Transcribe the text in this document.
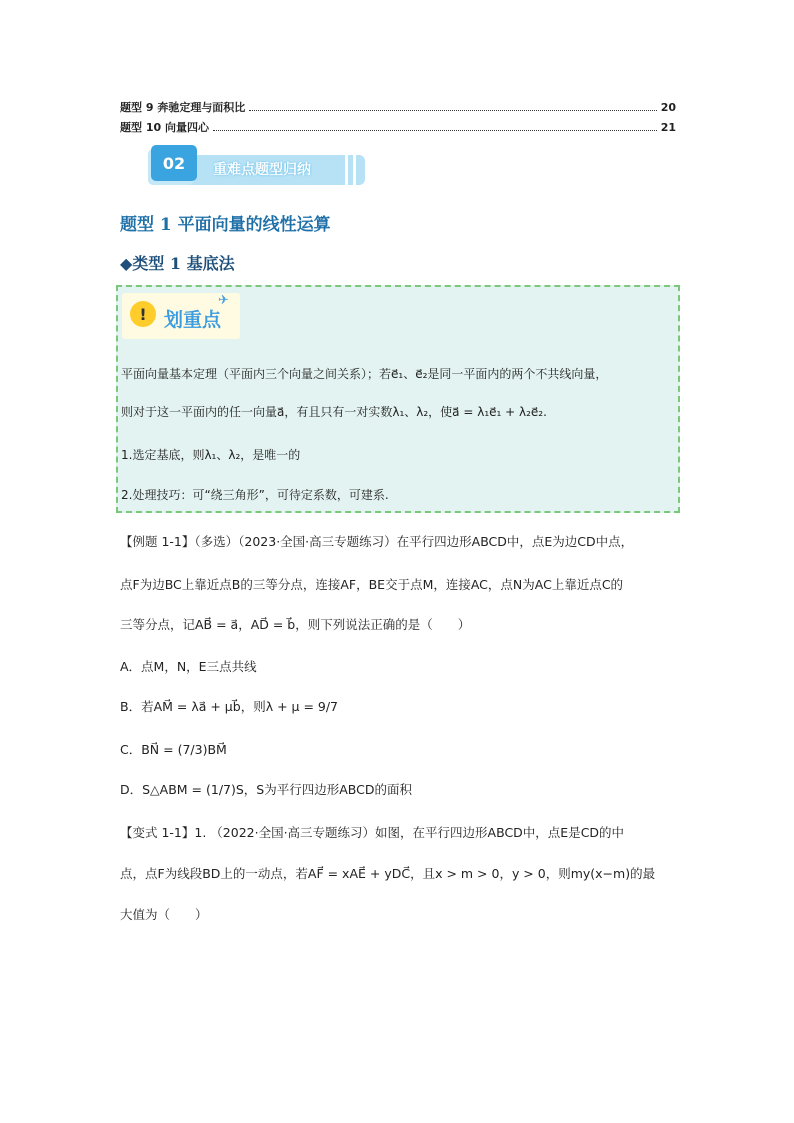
题型 9 奔驰定理与面积比	20
题型 10 向量四心	21
02	重难点题型归纳
题型 1 平面向量的线性运算
◆类型 1 基底法
! 划重点
✈
平面向量基本定理（平面内三个向量之间关系）；若e⃗₁、e⃗₂是同一平面内的两个不共线向量，
则对于这一平面内的任一向量a⃗，有且只有一对实数λ₁、λ₂，使a⃗ = λ₁e⃗₁ + λ₂e⃗₂.
1.选定基底，则λ₁、λ₂，是唯一的
2.处理技巧：可“绕三角形”，可待定系数，可建系.
【例题 1-1】（多选）（2023·全国·高三专题练习）在平行四边形ABCD中，点E为边CD中点，
点F为边BC上靠近点B的三等分点，连接AF，BE交于点M，连接AC，点N为AC上靠近点C的
三等分点，记AB⃗ = a⃗，AD⃗ = b⃗，则下列说法正确的是（　　）
A．点M，N，E三点共线
B．若AM⃗ = λa⃗ + μb⃗，则λ + μ = 9/7
C．BN⃗ = (7/3)BM⃗
D．S△ABM = (1/7)S，S为平行四边形ABCD的面积
【变式 1-1】1. （2022·全国·高三专题练习）如图，在平行四边形ABCD中，点E是CD的中
点，点F为线段BD上的一动点，若AF⃗ = xAE⃗ + yDC⃗，且x > m > 0，y > 0，则my(x−m)的最
大值为（　　）
